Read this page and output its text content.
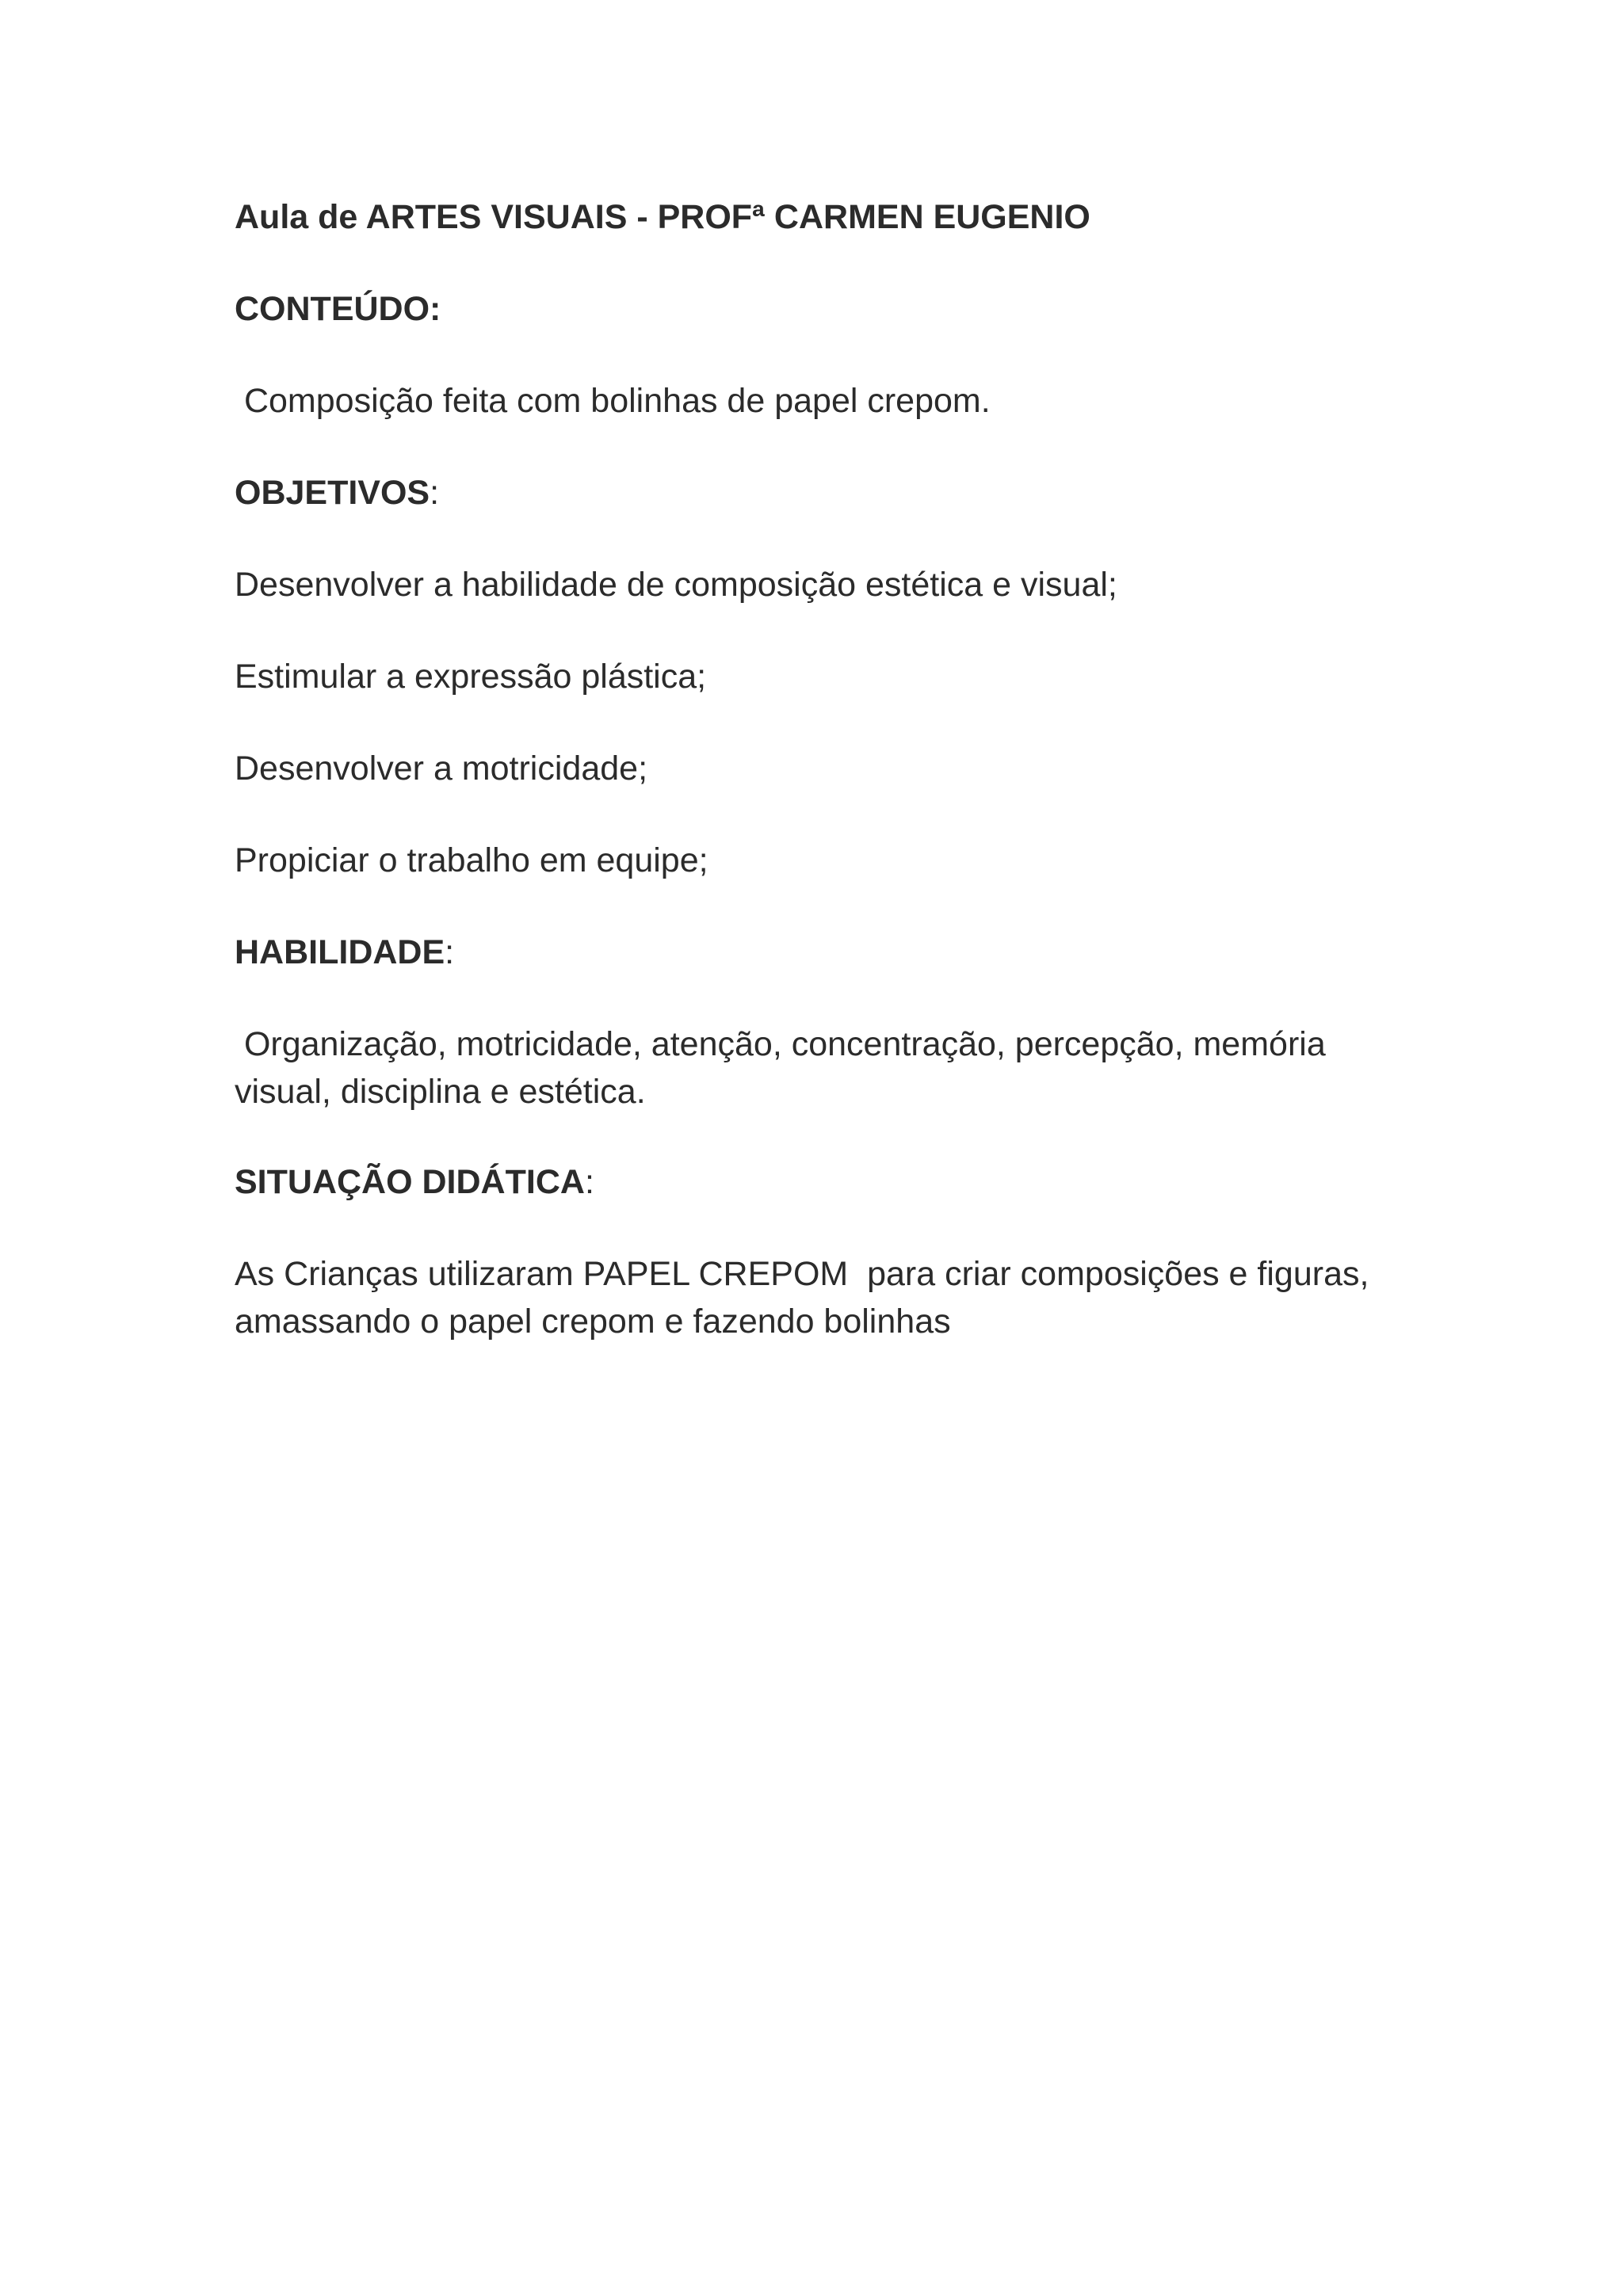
Aula de ARTES VISUAIS - PROFª CARMEN EUGENIO

CONTEÚDO:

Composição feita com bolinhas de papel crepom.

OBJETIVOS:

Desenvolver a habilidade de composição estética e visual;

Estimular a expressão plástica;

Desenvolver a motricidade;

Propiciar o trabalho em equipe;

HABILIDADE:

Organização, motricidade, atenção, concentração, percepção, memória

visual, disciplina e estética.

SITUAÇÃO DIDÁTICA:

As Crianças utilizaram PAPEL CREPOM  para criar composições e figuras,

amassando o papel crepom e fazendo bolinhas
